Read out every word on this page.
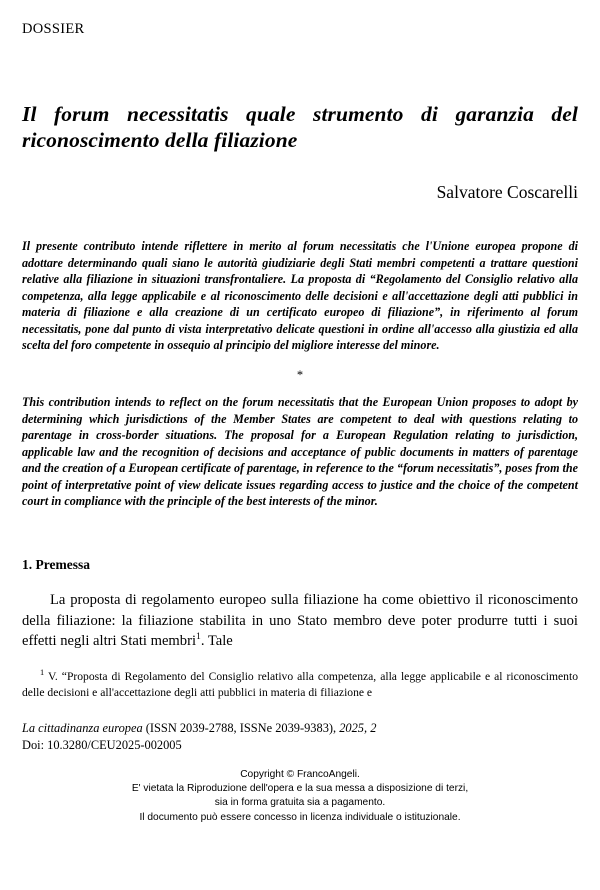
DOSSIER
Il forum necessitatis quale strumento di garanzia del riconoscimento della filiazione
Salvatore Coscarelli

Il presente contributo intende riflettere in merito al forum necessitatis che l'Unione europea propone di adottare determinando quali siano le autorità giudiziarie degli Stati membri competenti a trattare questioni relative alla filiazione in situazioni transfrontaliere. La proposta di “Regolamento del Consiglio relativo alla competenza, alla legge applicabile e al riconoscimento delle decisioni e all'accettazione degli atti pubblici in materia di filiazione e alla creazione di un certificato europeo di filiazione”, in riferimento al forum necessitatis, pone dal punto di vista interpretativo delicate questioni in ordine all'accesso alla giustizia ed alla scelta del foro competente in ossequio al principio del migliore interesse del minore.

*

This contribution intends to reflect on the forum necessitatis that the European Union proposes to adopt by determining which jurisdictions of the Member States are competent to deal with questions relating to parentage in cross-border situations. The proposal for a European Regulation relating to jurisdiction, applicable law and the recognition of decisions and acceptance of public documents in matters of parentage and the creation of a European certificate of parentage, in reference to the “forum necessitatis”, poses from the point of interpretative point of view delicate issues regarding access to justice and the choice of the competent court in compliance with the principle of the best interests of the minor.

1. Premessa

La proposta di regolamento europeo sulla filiazione ha come obiettivo il riconoscimento della filiazione: la filiazione stabilita in uno Stato membro deve poter produrre tutti i suoi effetti negli altri Stati membri$^1$. Tale

$^1$ V. “Proposta di Regolamento del Consiglio relativo alla competenza, alla legge applicabile e al riconoscimento delle decisioni e all'accettazione degli atti pubblici in materia di filiazione e

La cittadinanza europea (ISSN 2039-2788, ISSNe 2039-9383), 2025, 2
Doi: 10.3280/CEU2025-002005
Copyright © FrancoAngeli.
E' vietata la Riproduzione dell'opera e la sua messa a disposizione di terzi,
sia in forma gratuita sia a pagamento.
Il documento può essere concesso in licenza individuale o istituzionale.
